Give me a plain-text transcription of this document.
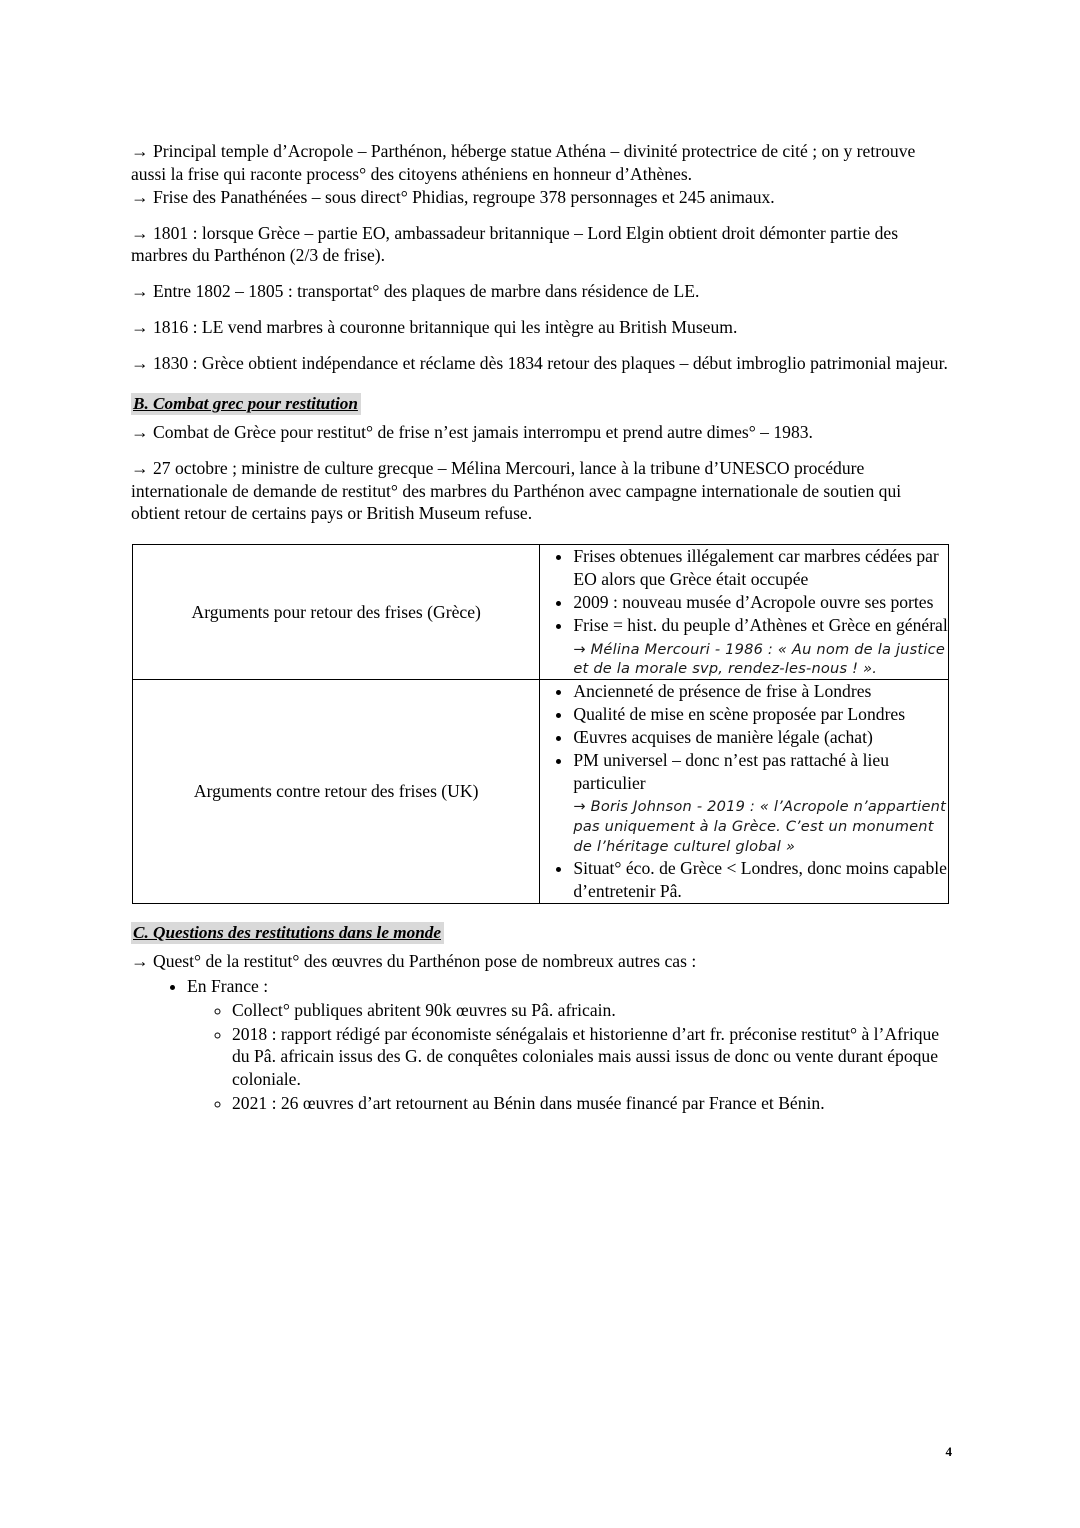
→ Principal temple d’Acropole – Parthénon, héberge statue Athéna – divinité protectrice de cité ; on y retrouve aussi la frise qui raconte process° des citoyens athéniens en honneur d’Athènes.
→ Frise des Panathénées – sous direct° Phidias, regroupe 378 personnages et 245 animaux.
→ 1801 : lorsque Grèce – partie EO, ambassadeur britannique – Lord Elgin obtient droit démonter partie des marbres du Parthénon (2/3 de frise).
→ Entre 1802 – 1805 : transportat° des plaques de marbre dans résidence de LE.
→ 1816 : LE vend marbres à couronne britannique qui les intègre au British Museum.
→ 1830 : Grèce obtient indépendance et réclame dès 1834 retour des plaques – début imbroglio patrimonial majeur.
B. Combat grec pour restitution
→ Combat de Grèce pour restitut° de frise n’est jamais interrompu et prend autre dimes° – 1983.
→ 27 octobre ; ministre de culture grecque – Mélina Mercouri, lance à la tribune d’UNESCO procédure internationale de demande de restitut° des marbres du Parthénon avec campagne internationale de soutien qui obtient retour de certains pays or British Museum refuse.
Arguments pour retour des frises (Grèce)	
• Frises obtenues illégalement car marbres cédées par EO alors que Grèce était occupée
• 2009 : nouveau musée d’Acropole ouvre ses portes
• Frise = hist. du peuple d’Athènes et Grèce en général
→ Mélina Mercouri - 1986 : « Au nom de la justice et de la morale svp, rendez-les-nous ! ».

Arguments contre retour des frises (UK)	
• Ancienneté de présence de frise à Londres
• Qualité de mise en scène proposée par Londres
• Œuvres acquises de manière légale (achat)
• PM universel – donc n’est pas rattaché à lieu particulier
→ Boris Johnson - 2019 : « l’Acropole n’appartient pas uniquement à la Grèce. C’est un monument de l’héritage culturel global »
• Situat° éco. de Grèce < Londres, donc moins capable d’entretenir Pâ.
C. Questions des restitutions dans le monde
→ Quest° de la restitut° des œuvres du Parthénon pose de nombreux autres cas :
• En France :
◦ Collect° publiques abritent 90k œuvres su Pâ. africain.
◦ 2018 : rapport rédigé par économiste sénégalais et historienne d’art fr. préconise restitut° à l’Afrique du Pâ. africain issus des G. de conquêtes coloniales mais aussi issus de donc ou vente durant époque coloniale.
◦ 2021 : 26 œuvres d’art retournent au Bénin dans musée financé par France et Bénin.
4
